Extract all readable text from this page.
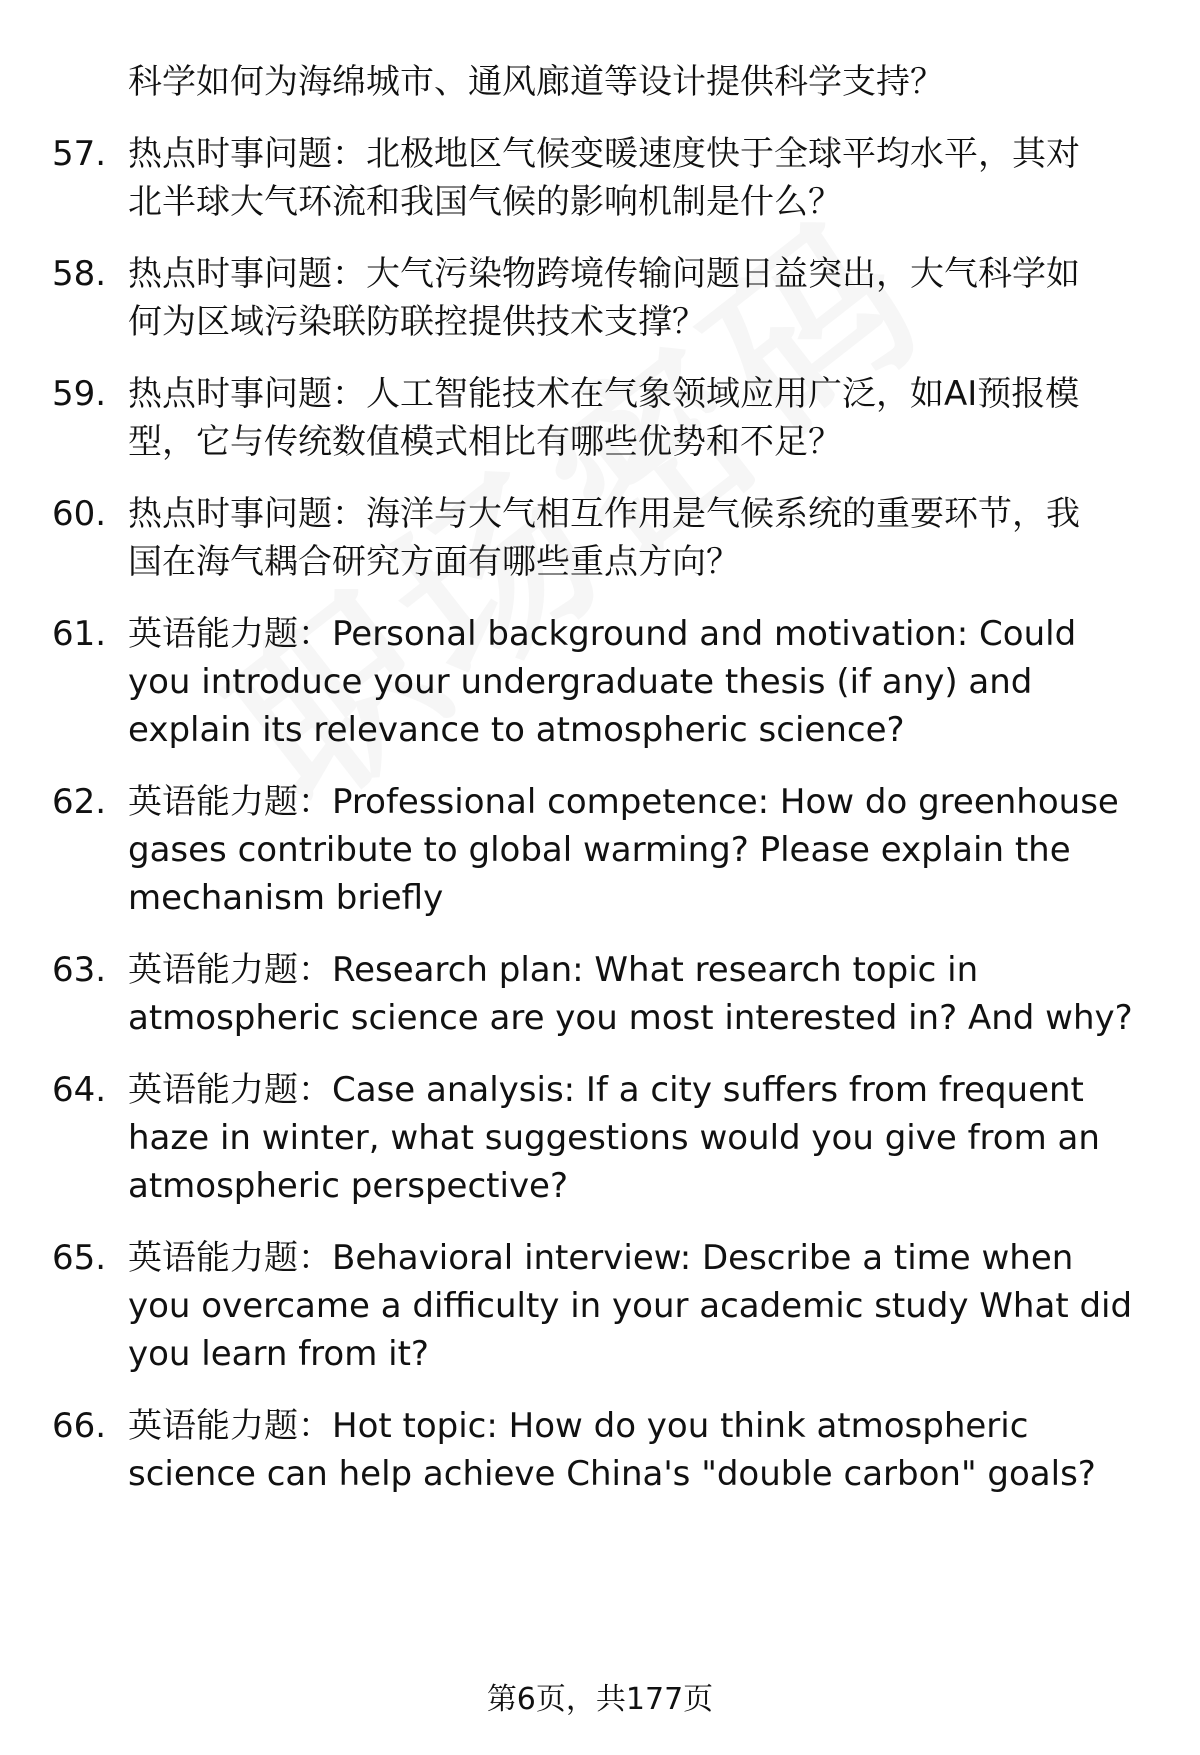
科学如何为海绵城市、通风廊道等设计提供科学支持？
57. 热点时事问题：北极地区气候变暖速度快于全球平均水平，其对
北半球大气环流和我国气候的影响机制是什么？
58. 热点时事问题：大气污染物跨境传输问题日益突出，大气科学如
何为区域污染联防联控提供技术支撑？
59. 热点时事问题：人工智能技术在气象领域应用广泛，如AI预报模
型，它与传统数值模式相比有哪些优势和不足？
60. 热点时事问题：海洋与大气相互作用是气候系统的重要环节，我
国在海气耦合研究方面有哪些重点方向？
61. 英语能力题：Personal background and motivation: Could
you introduce your undergraduate thesis (if any) and
explain its relevance to atmospheric science?
62. 英语能力题：Professional competence: How do greenhouse
gases contribute to global warming? Please explain the
mechanism briefly
63. 英语能力题：Research plan: What research topic in
atmospheric science are you most interested in? And why?
64. 英语能力题：Case analysis: If a city suffers from frequent
haze in winter, what suggestions would you give from an
atmospheric perspective?
65. 英语能力题：Behavioral interview: Describe a time when
you overcame a difficulty in your academic study What did
you learn from it?
66. 英语能力题：Hot topic: How do you think atmospheric
science can help achieve China's "double carbon" goals?
第6页，共177页
